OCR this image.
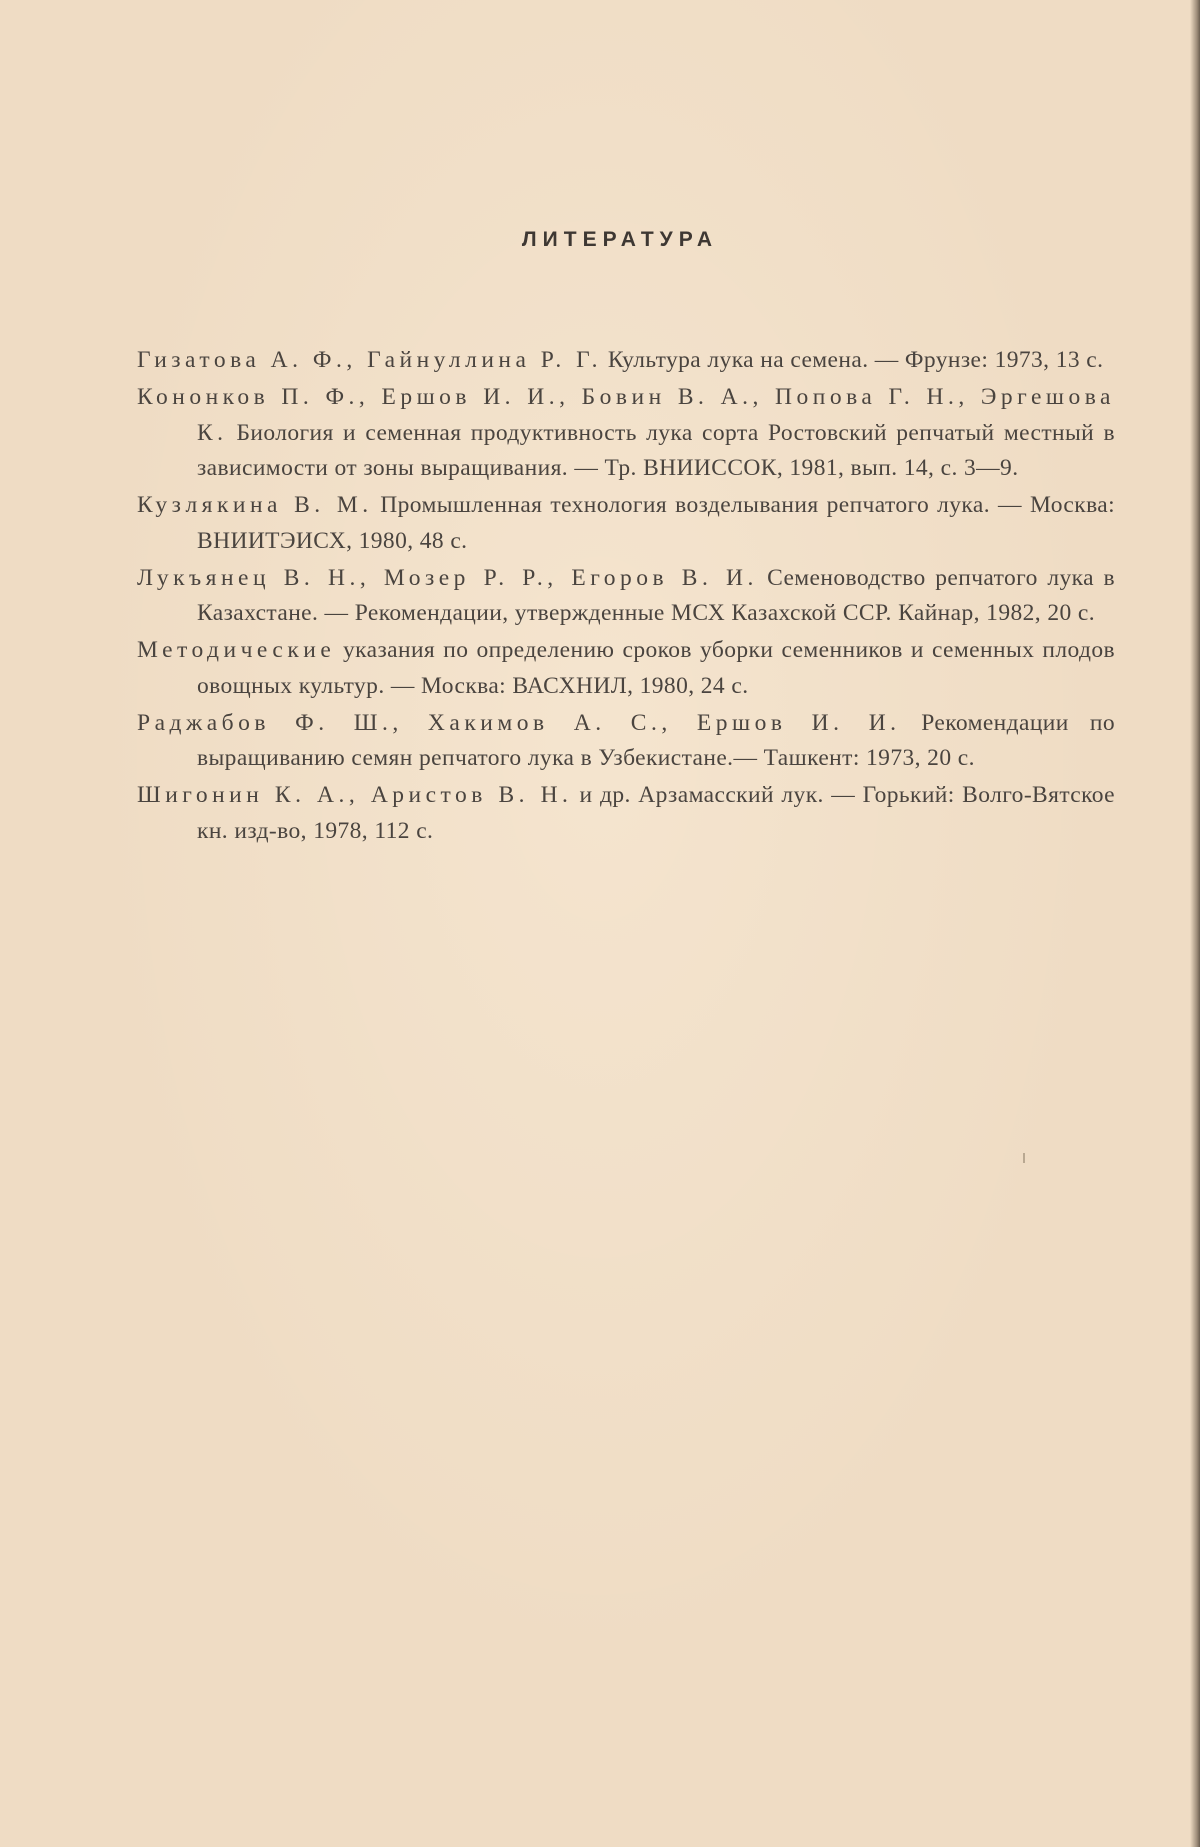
ЛИТЕРАТУРА
Гизатова А. Ф., Гайнуллина Р. Г. Культура лука на семена. — Фрунзе: 1973, 13 с.
Кононков П. Ф., Ершов И. И., Бовин В. А., Попова Г. Н., Эргешова К. Биология и семенная продуктивность лука сорта Ростовский репчатый местный в зависимости от зоны выращивания. — Тр. ВНИИССОК, 1981, вып. 14, с. 3—9.
Кузлякина В. М. Промышленная технология возделывания репчатого лука. — Москва: ВНИИТЭИСХ, 1980, 48 с.
Лукъянец В. Н., Мозер Р. Р., Егоров В. И. Семеноводство репчатого лука в Казахстане. — Рекомендации, утвержденные МСХ Казахской ССР. Кайнар, 1982, 20 с.
Методические указания по определению сроков уборки семенников и семенных плодов овощных культур. — Москва: ВАСХНИЛ, 1980, 24 с.
Раджабов Ф. Ш., Хакимов А. С., Ершов И. И. Рекомендации по выращиванию семян репчатого лука в Узбекистане.— Ташкент: 1973, 20 с.
Шигонин К. А., Аристов В. Н. и др. Арзамасский лук. — Горький: Волго-Вятское кн. изд-во, 1978, 112 с.
